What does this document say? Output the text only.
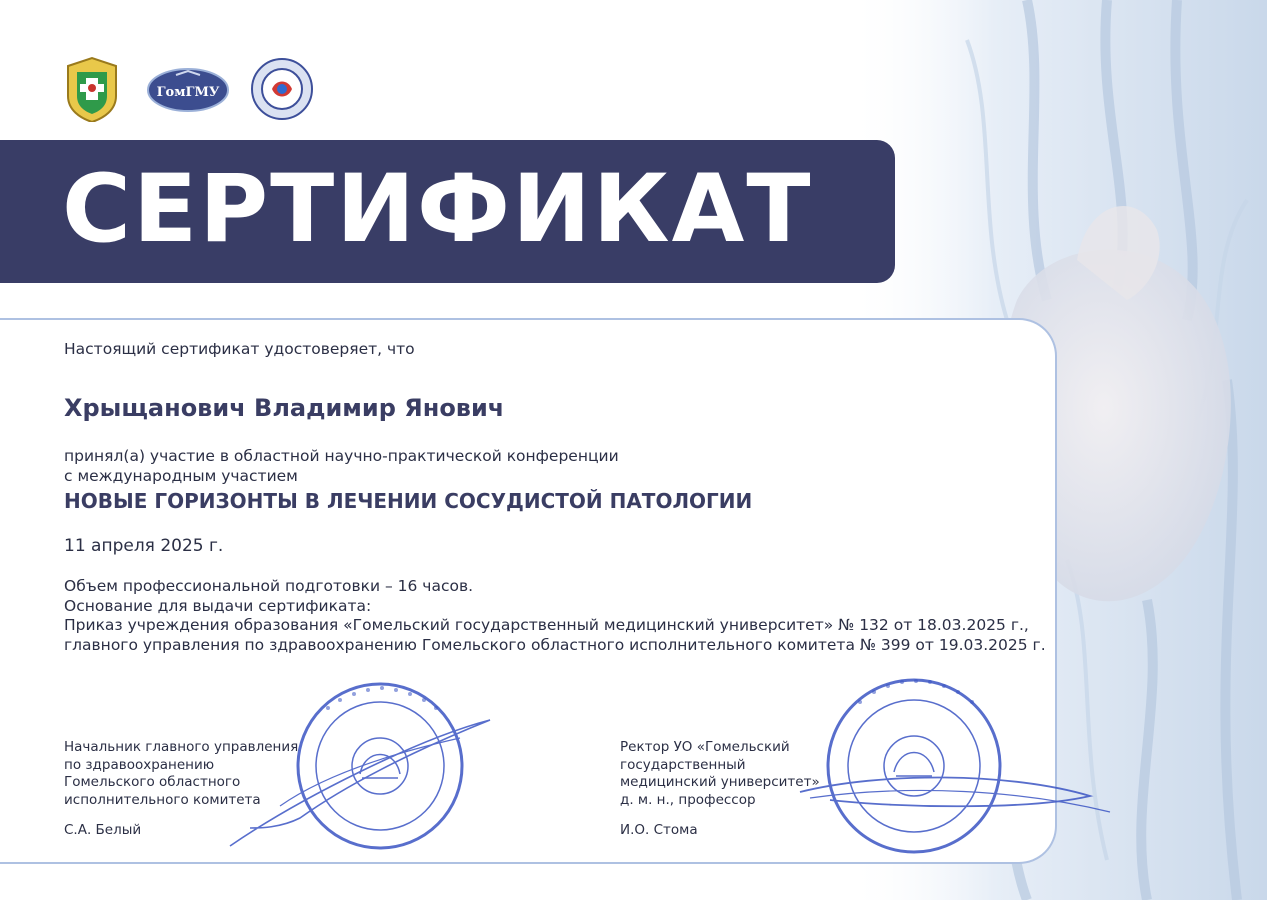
ГомГМУ
СЕРТИФИКАТ

Настоящий сертификат удостоверяет, что

Хрыщанович Владимир Янович

принял(а) участие в областной научно-практической конференции
с международным участием

НОВЫЕ ГОРИЗОНТЫ В ЛЕЧЕНИИ СОСУДИСТОЙ ПАТОЛОГИИ

11 апреля 2025 г.

Объем профессиональной подготовки – 16 часов.
Основание для выдачи сертификата:
Приказ учреждения образования «Гомельский государственный медицинский университет» № 132 от 18.03.2025 г.,
главного управления по здравоохранению Гомельского областного исполнительного комитета № 399 от 19.03.2025 г.
Начальник главного управления
по здравоохранению
Гомельского областного
исполнительного комитета
С.А. Белый
Ректор УО «Гомельский
государственный
медицинский университет»
д. м. н., профессор
И.О. Стома
